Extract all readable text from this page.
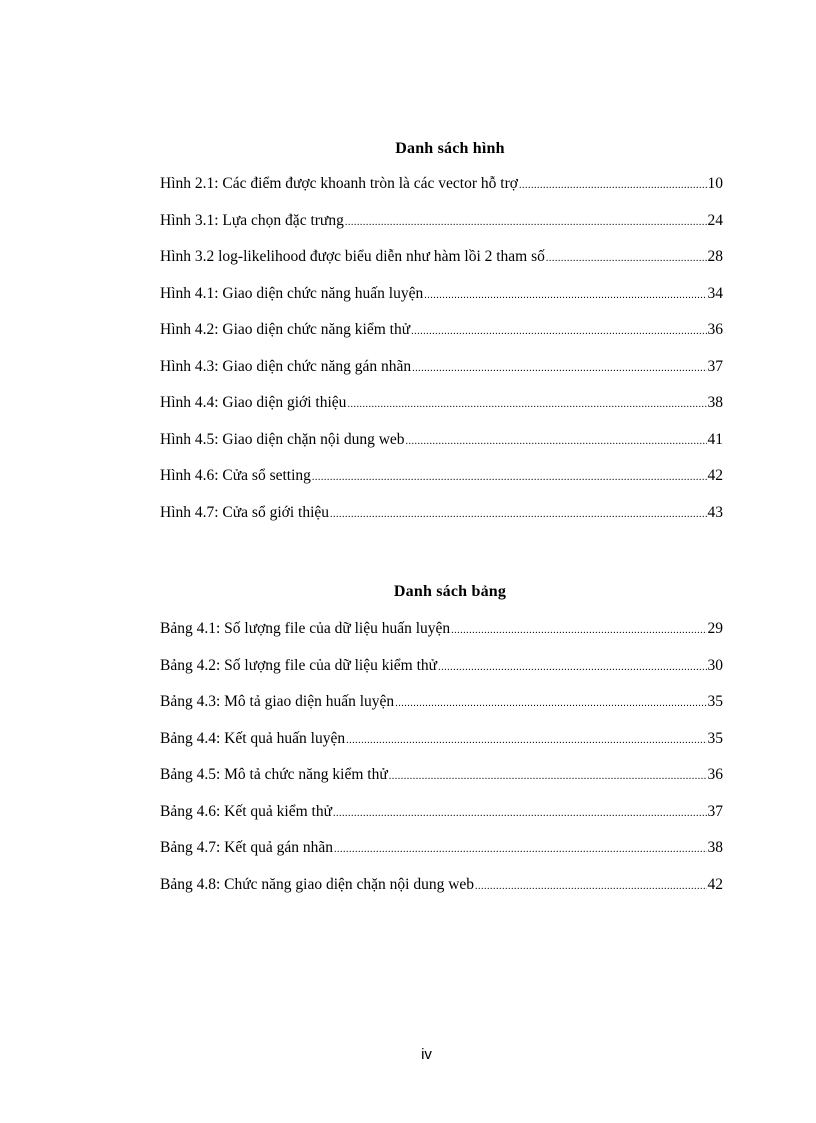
Danh sách hình
Hình 2.1: Các điểm được khoanh tròn là các vector hỗ trợ .....	10
Hình 3.1: Lựa chọn đặc trưng .....	24
Hình 3.2 log-likelihood được biểu diễn như hàm lồi 2 tham số .....	28
Hình 4.1: Giao diện chức năng huấn luyện .....	34
Hình 4.2: Giao diện chức năng kiểm thử .....	36
Hình 4.3: Giao diện chức năng gán nhãn .....	37
Hình 4.4: Giao diện giới thiệu .....	38
Hình 4.5: Giao diện chặn nội dung web .....	41
Hình 4.6: Cửa sổ setting .....	42
Hình 4.7: Cửa sổ giới thiệu .....	43
Danh sách bảng
Bảng 4.1: Số lượng file của dữ liệu huấn luyện .....	29
Bảng 4.2: Số lượng file của dữ liệu kiểm thử .....	30
Bảng 4.3: Mô tả giao diện huấn luyện .....	35
Bảng 4.4: Kết quả huấn luyện .....	35
Bảng 4.5: Mô tả chức năng kiểm thử .....	36
Bảng 4.6: Kết quả kiểm thử .....	37
Bảng 4.7: Kết quả gán nhãn .....	38
Bảng 4.8: Chức năng giao diện chặn nội dung web .....	42
iv
